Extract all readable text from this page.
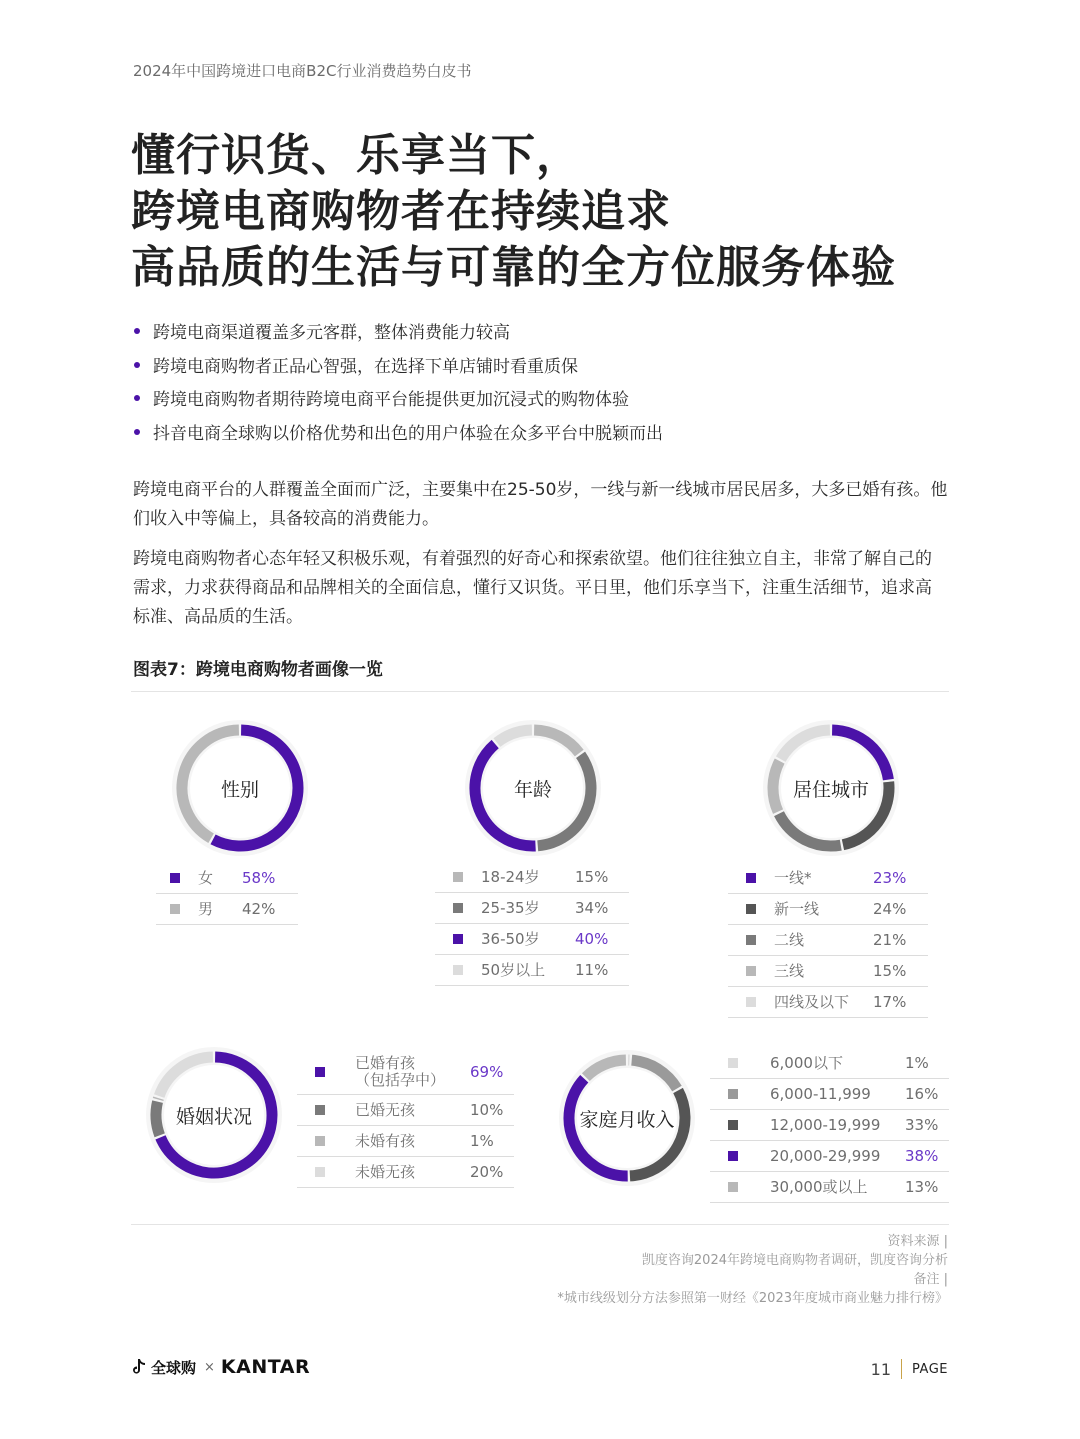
2024年中国跨境进口电商B2C行业消费趋势白皮书
懂行识货、乐享当下，
跨境电商购物者在持续追求
高品质的生活与可靠的全方位服务体验
跨境电商渠道覆盖多元客群，整体消费能力较高
跨境电商购物者正品心智强，在选择下单店铺时看重质保
跨境电商购物者期待跨境电商平台能提供更加沉浸式的购物体验
抖音电商全球购以价格优势和出色的用户体验在众多平台中脱颖而出

跨境电商平台的人群覆盖全面而广泛，主要集中在25-50岁，一线与新一线城市居民居多，大多已婚有孩。他们收入中等偏上，具备较高的消费能力。

跨境电商购物者心态年轻又积极乐观，有着强烈的好奇心和探索欲望。他们往往独立自主，非常了解自己的需求，力求获得商品和品牌相关的全面信息，懂行又识货。平日里，他们乐享当下，注重生活细节，追求高标准、高品质的生活。

图表7：跨境电商购物者画像一览
性别
女	58%
男	42%
年龄
18-24岁	15%
25-35岁	34%
36-50岁	40%
50岁以上	11%
居住城市
一线*	23%
新一线	24%
二线	21%
三线	15%
四线及以下	17%
婚姻状况
已婚有孩
（包括孕中）	69%
已婚无孩	10%
未婚有孩	1%
未婚无孩	20%
家庭月收入
6,000以下	1%
6,000-11,999	16%
12,000-19,999	33%
20,000-29,999	38%
30,000或以上	13%
资料来源 |
凯度咨询2024年跨境电商购物者调研，凯度咨询分析
备注 |
*城市线级划分方法参照第一财经《2023年度城市商业魅力排行榜》
全球购 × KANTAR	11 PAGE
